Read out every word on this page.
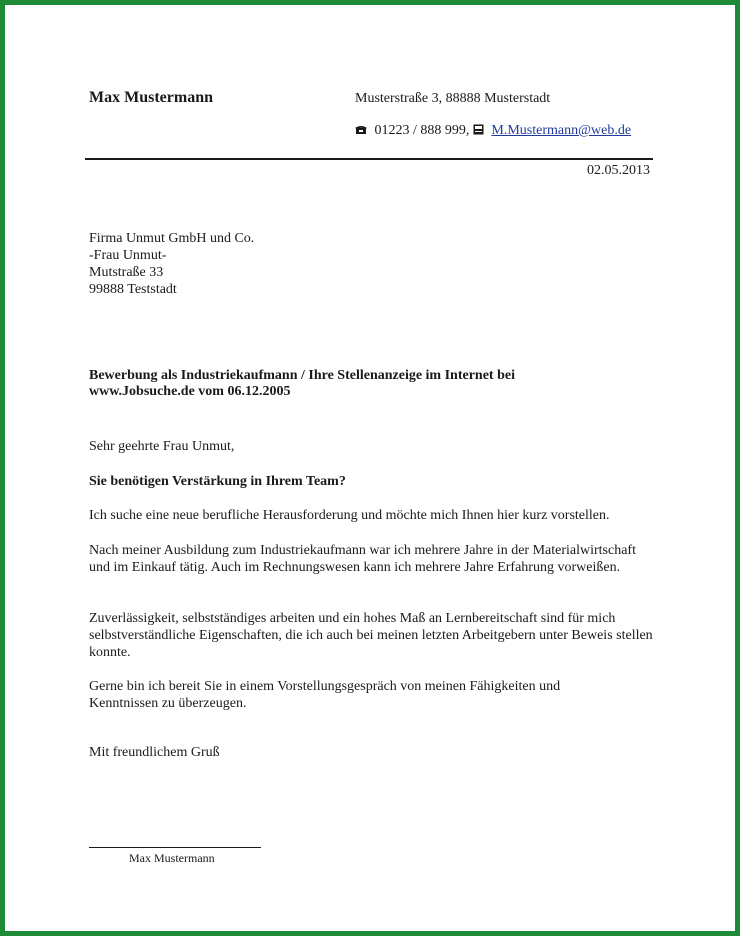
Max Mustermann	Musterstraße 3, 88888 Musterstadt
01223 / 888 999, M.Mustermann@web.de
02.05.2013
Firma Unmut GmbH und Co.
-Frau Unmut-
Mutstraße 33
99888 Teststadt
Bewerbung als Industriekaufmann / Ihre Stellenanzeige im Internet bei
www.Jobsuche.de vom 06.12.2005
Sehr geehrte Frau Unmut,
Sie benötigen Verstärkung in Ihrem Team?
Ich suche eine neue berufliche Herausforderung und möchte mich Ihnen hier kurz vorstellen.
Nach meiner Ausbildung zum Industriekaufmann war ich mehrere Jahre in der Materialwirtschaft und im Einkauf tätig. Auch im Rechnungswesen kann ich mehrere Jahre Erfahrung vorweißen.
Zuverlässigkeit, selbstständiges arbeiten und ein hohes Maß an Lernbereitschaft sind für mich selbstverständliche Eigenschaften, die ich auch bei meinen letzten Arbeitgebern unter Beweis stellen konnte.
Gerne bin ich bereit Sie in einem Vorstellungsgespräch von meinen Fähigkeiten und Kenntnissen zu überzeugen.
Mit freundlichem Gruß
Max Mustermann
